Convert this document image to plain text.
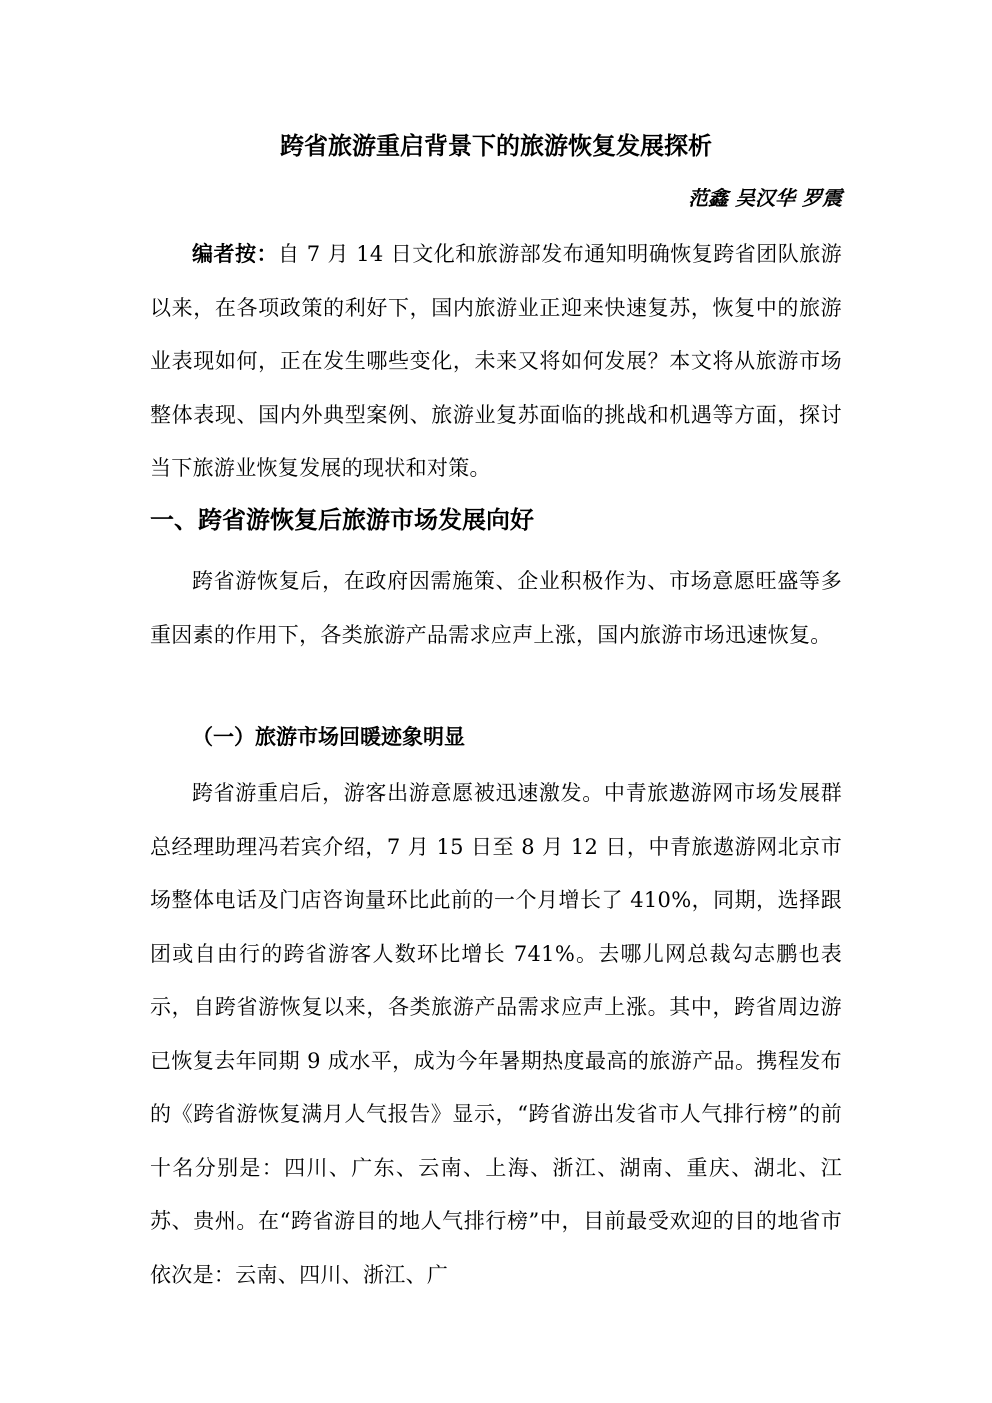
跨省旅游重启背景下的旅游恢复发展探析
范鑫 吴汉华 罗震
编者按：自 7 月 14 日文化和旅游部发布通知明确恢复跨省团队旅游以来，在各项政策的利好下，国内旅游业正迎来快速复苏，恢复中的旅游业表现如何，正在发生哪些变化，未来又将如何发展？本文将从旅游市场整体表现、国内外典型案例、旅游业复苏面临的挑战和机遇等方面，探讨当下旅游业恢复发展的现状和对策。
一、跨省游恢复后旅游市场发展向好
跨省游恢复后，在政府因需施策、企业积极作为、市场意愿旺盛等多重因素的作用下，各类旅游产品需求应声上涨，国内旅游市场迅速恢复。
（一）旅游市场回暖迹象明显
跨省游重启后，游客出游意愿被迅速激发。中青旅遨游网市场发展群总经理助理冯若宾介绍，7 月 15 日至 8 月 12 日，中青旅遨游网北京市场整体电话及门店咨询量环比此前的一个月增长了 410%，同期，选择跟团或自由行的跨省游客人数环比增长 741%。去哪儿网总裁勾志鹏也表示，自跨省游恢复以来，各类旅游产品需求应声上涨。其中，跨省周边游已恢复去年同期 9 成水平，成为今年暑期热度最高的旅游产品。携程发布的《跨省游恢复满月人气报告》显示，“跨省游出发省市人气排行榜”的前十名分别是：四川、广东、云南、上海、浙江、湖南、重庆、湖北、江苏、贵州。在“跨省游目的地人气排行榜”中，目前最受欢迎的目的地省市依次是：云南、四川、浙江、广
